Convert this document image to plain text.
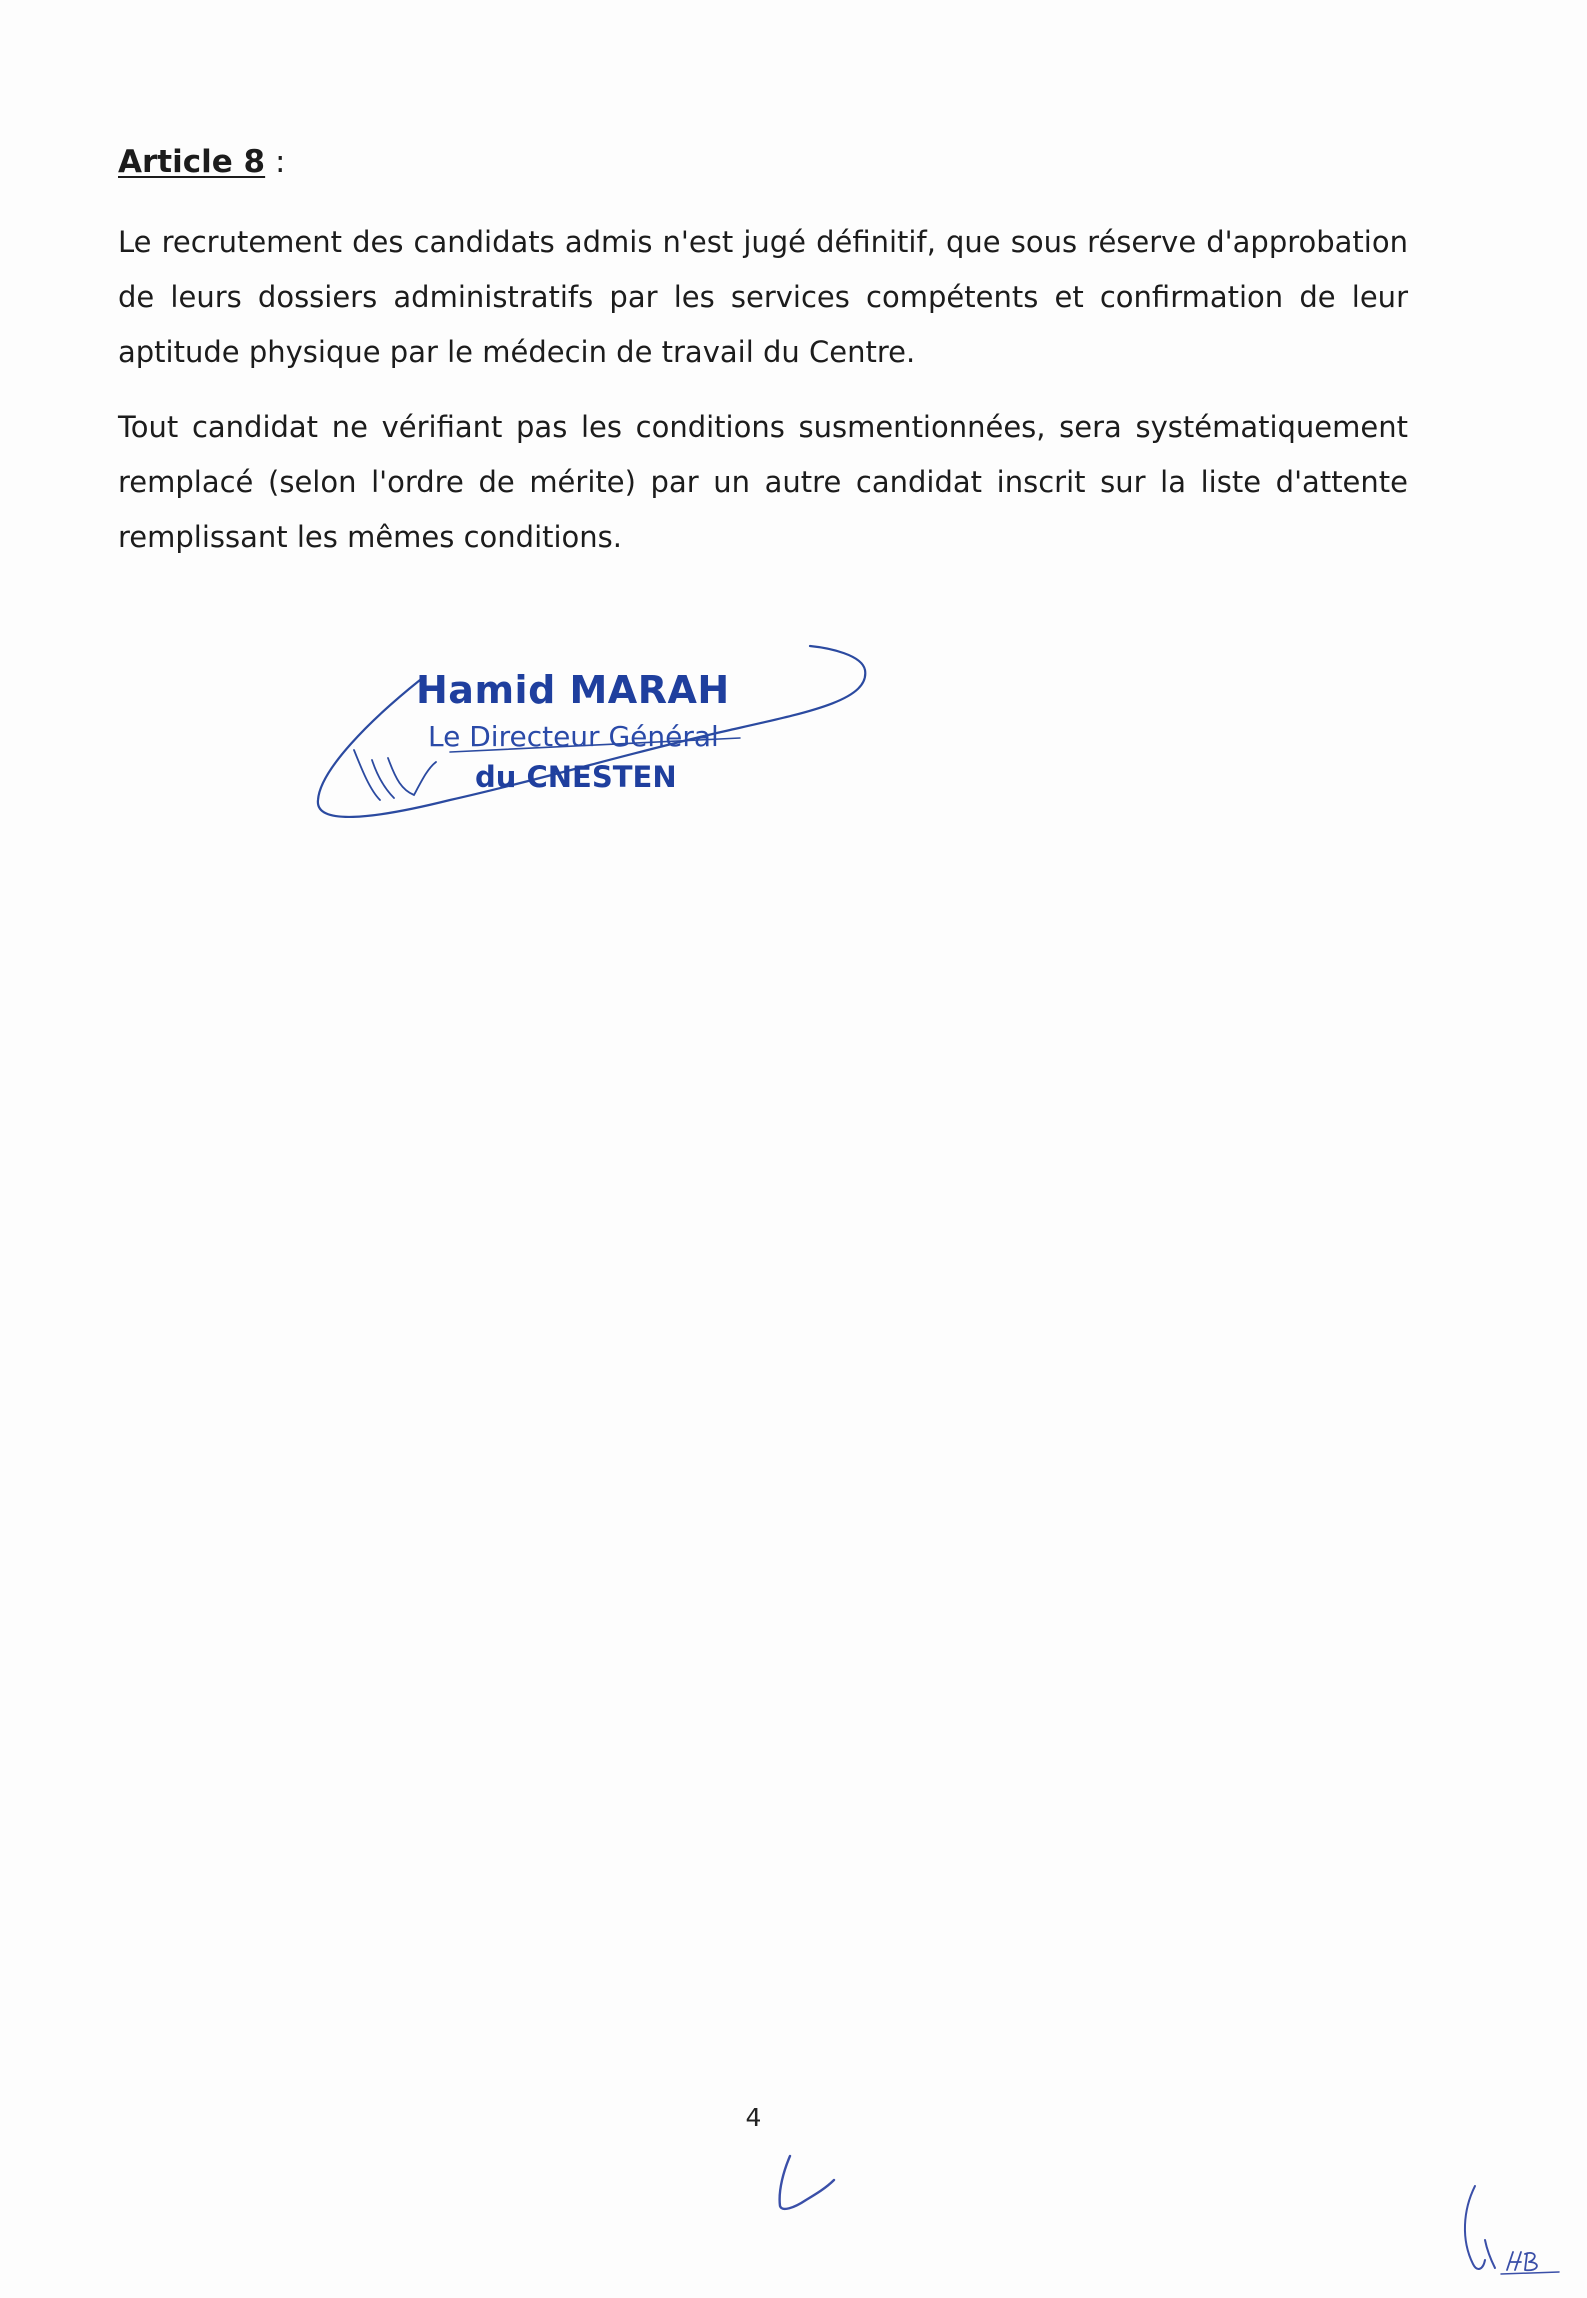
Article 8 :

Le recrutement des candidats admis n'est jugé définitif, que sous réserve d'approbation de leurs dossiers administratifs par les services compétents et confirmation de leur aptitude physique par le médecin de travail du Centre.

Tout candidat ne vérifiant pas les conditions susmentionnées, sera systématiquement remplacé (selon l'ordre de mérite) par un autre candidat inscrit sur la liste d'attente remplissant les mêmes conditions.

Hamid MARAH
Le Directeur Général
du CNESTEN
4
